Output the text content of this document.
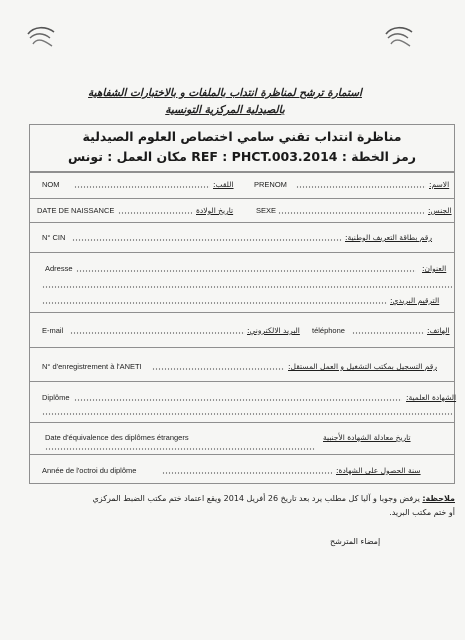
استمارة ترشح لمناظرة انتداب بالملفات و بالاختبارات الشفاهية
بالصيدلية المركزية التونسية
مناظرة انتداب تقني سامي اختصاص العلوم الصيدلية
رمز الخطة : REF : PHCT.003.2014 مكان العمل : تونس
NOM	اللقب:	PRENOM	الاسم:
DATE DE NAISSANCE	تاريخ الولادة	SEXE	الجنس:
N° CIN	رقم بطاقة التعريف الوطنية:
Adresse	العنوان:
الترقيم البريدي:
E-mail	البريد الالكتروني: téléphone	الهاتف:
N° d'enregistrement à l'ANETI	رقم التسجيل بمكتب التشغيل و العمل المستقل:
Diplôme	الشهادة العلمية:
Date d'équivalence des diplômes étrangers	تاريخ معادلة الشهادة الأجنبية
Année de l'octroi du diplôme	سنة الحصول على الشهادة:
ملاحظة: يرفض وجوبا و آليا كل مطلب يرد بعد تاريخ 26 أفريل 2014 ويقع اعتماد ختم مكتب الضبط المركزي
أو ختم مكتب البريد.
إمضاء المترشح
